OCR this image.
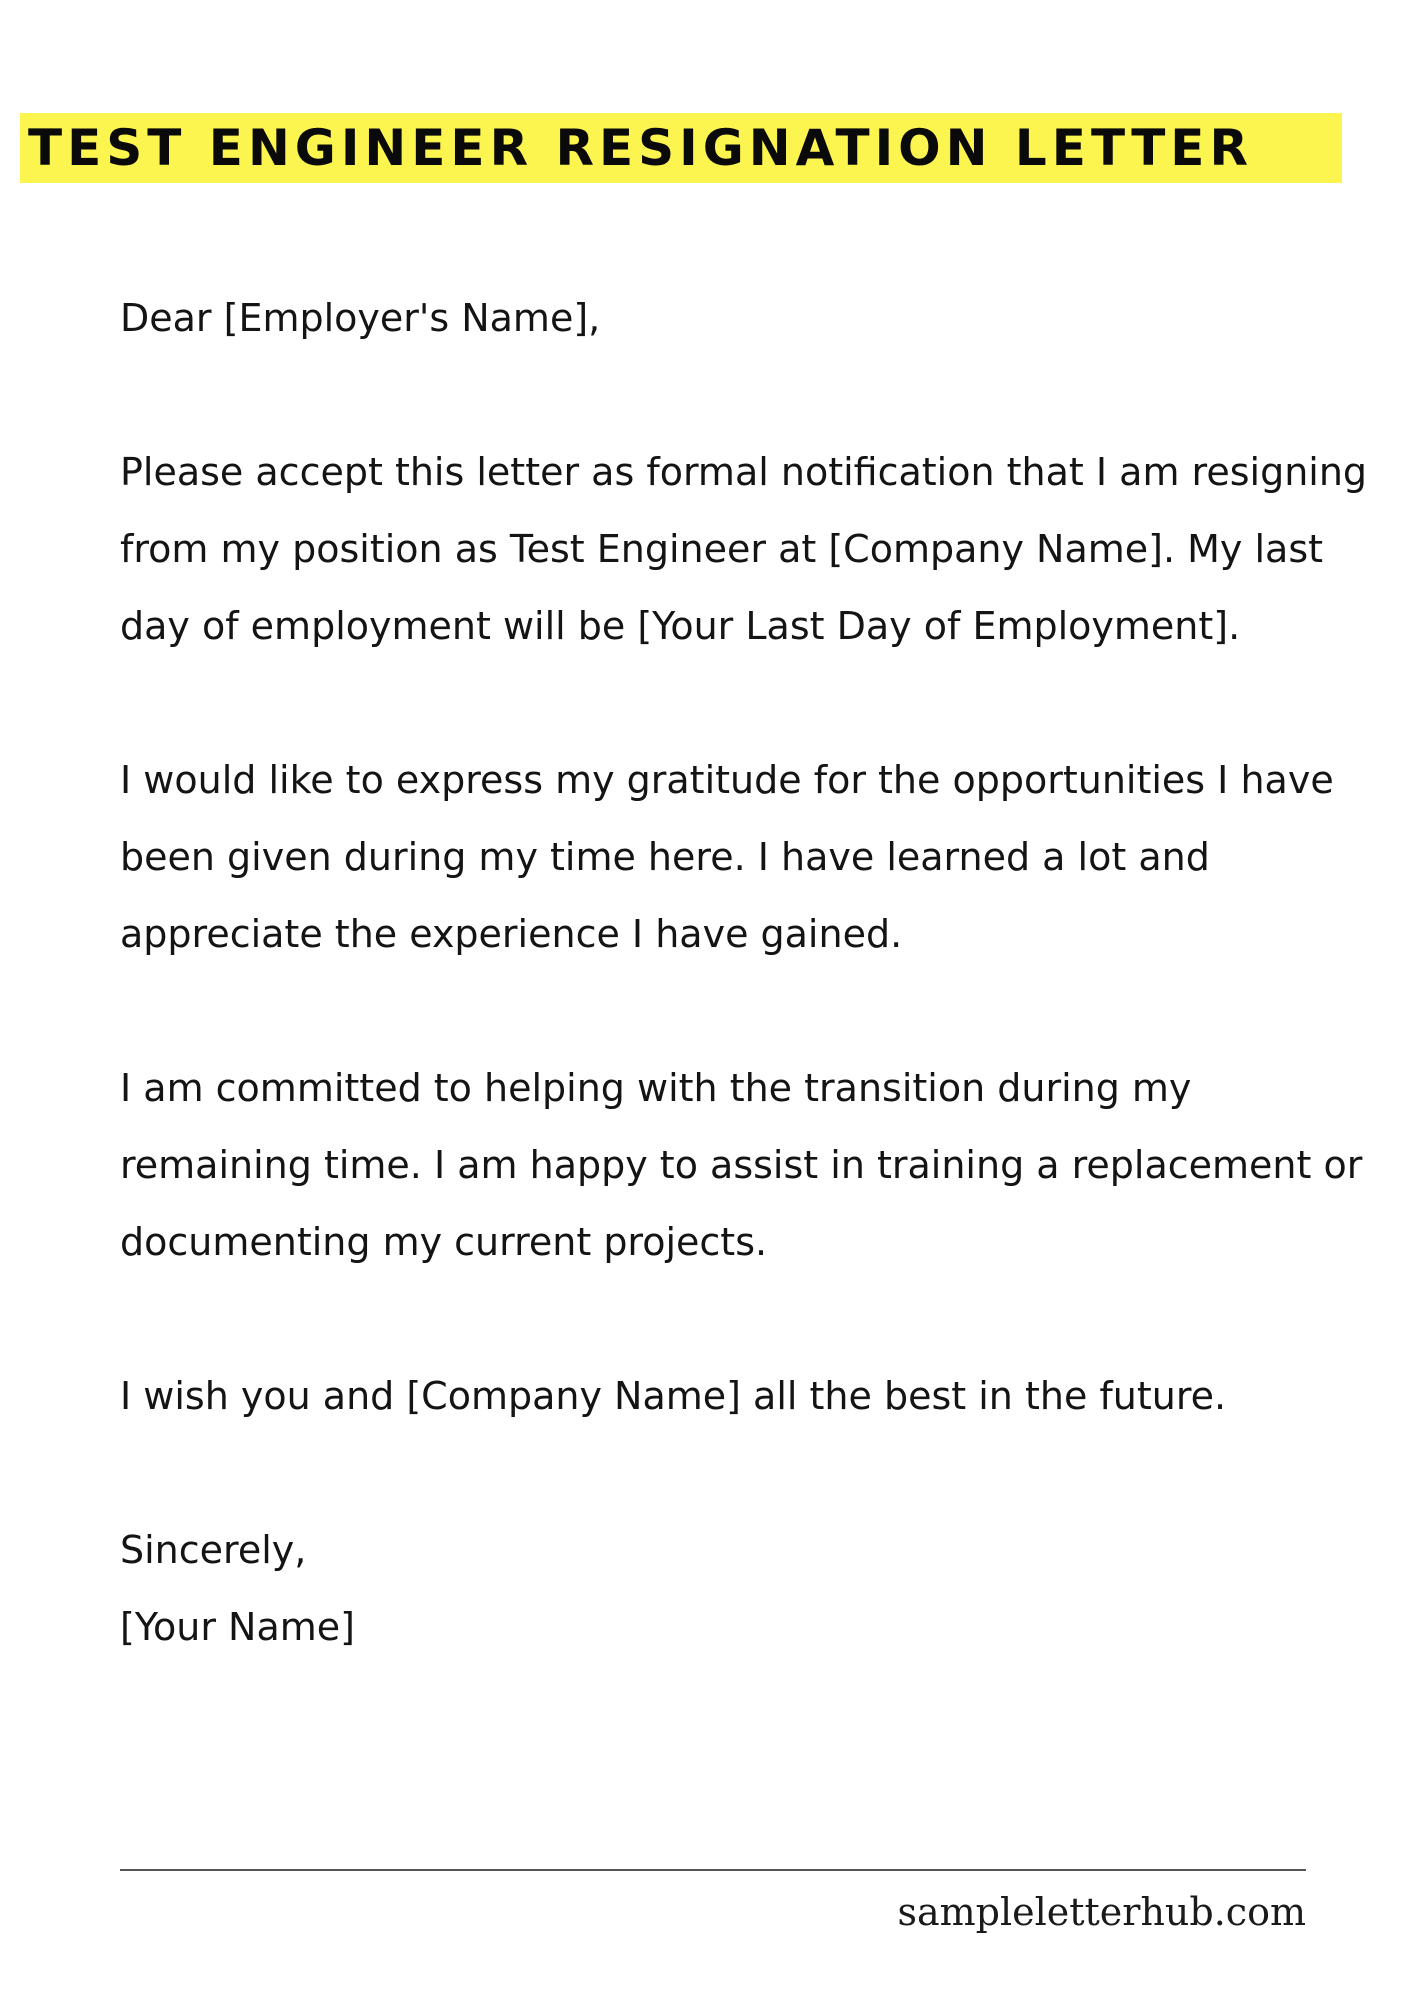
TEST ENGINEER RESIGNATION LETTER

Dear [Employer's Name],

Please accept this letter as formal notification that I am resigning from my position as Test Engineer at [Company Name]. My last day of employment will be [Your Last Day of Employment].

I would like to express my gratitude for the opportunities I have been given during my time here. I have learned a lot and appreciate the experience I have gained.

I am committed to helping with the transition during my remaining time. I am happy to assist in training a replacement or documenting my current projects.

I wish you and [Company Name] all the best in the future.

Sincerely,

[Your Name]

sampleletterhub.com
